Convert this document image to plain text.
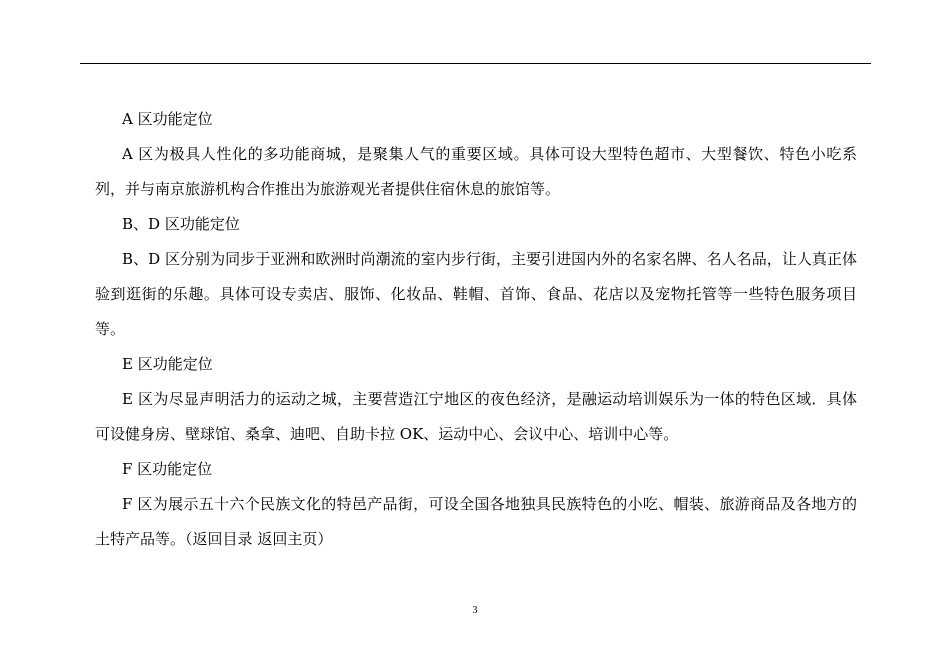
A 区功能定位

A 区为极具人性化的多功能商城，是聚集人气的重要区域。具体可设大型特色超市、大型餐饮、特色小吃系列，并与南京旅游机构合作推出为旅游观光者提供住宿休息的旅馆等。

B、D 区功能定位

B、D 区分别为同步于亚洲和欧洲时尚潮流的室内步行街，主要引进国内外的名家名牌、名人名品，让人真正体验到逛街的乐趣。具体可设专卖店、服饰、化妆品、鞋帽、首饰、食品、花店以及宠物托管等一些特色服务项目等。

E 区功能定位

E 区为尽显声明活力的运动之城，主要营造江宁地区的夜色经济，是融运动培训娱乐为一体的特色区域．具体可设健身房、壁球馆、桑拿、迪吧、自助卡拉 OK、运动中心、会议中心、培训中心等。

F 区功能定位

F 区为展示五十六个民族文化的特邑产品街，可设全国各地独具民族特色的小吃、帽装、旅游商品及各地方的土特产品等。（返回目录 返回主页）

3
